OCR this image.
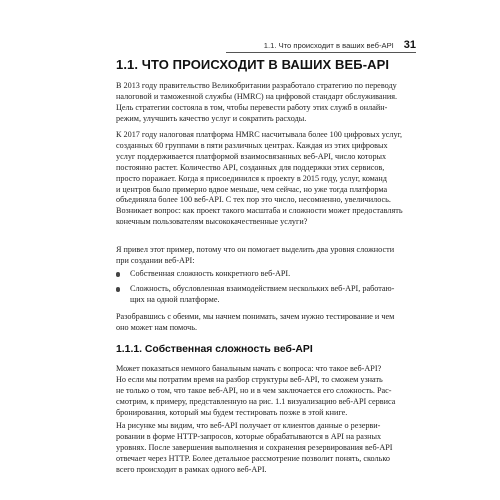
1.1. Что происходит в ваших веб-API 31
1.1. ЧТО ПРОИСХОДИТ В ВАШИХ ВЕБ-API
В 2013 году правительство Великобритании разработало стратегию по переводу
налоговой и таможенной службы (HMRC) на цифровой стандарт обслуживания.
Цель стратегии состояла в том, чтобы перевести работу этих служб в онлайн-
режим, улучшить качество услуг и сократить расходы.
К 2017 году налоговая платформа HMRC насчитывала более 100 цифровых услуг,
созданных 60 группами в пяти различных центрах. Каждая из этих цифровых
услуг поддерживается платформой взаимосвязанных веб-API, число которых
постоянно растет. Количество API, созданных для поддержки этих сервисов,
просто поражает. Когда я присоединился к проекту в 2015 году, услуг, команд
и центров было примерно вдвое меньше, чем сейчас, но уже тогда платформа
объединяла более 100 веб-API. С тех пор это число, несомненно, увеличилось.
Возникает вопрос: как проект такого масштаба и сложности может предоставлять
конечным пользователям высококачественные услуги?
Я привел этот пример, потому что он помогает выделить два уровня сложности
при создании веб-API:
Собственная сложность конкретного веб-API.
Сложность, обусловленная взаимодействием нескольких веб-API, работаю-
щих на одной платформе.
Разобравшись с обеими, мы начнем понимать, зачем нужно тестирование и чем
оно может нам помочь.
1.1.1. Собственная сложность веб-API
Может показаться немного банальным начать с вопроса: что такое веб-API?
Но если мы потратим время на разбор структуры веб-API, то сможем узнать
не только о том, что такое веб-API, но и в чем заключается его сложность. Рас-
смотрим, к примеру, представленную на рис. 1.1 визуализацию веб-API сервиса
бронирования, который мы будем тестировать позже в этой книге.
На рисунке мы видим, что веб-API получает от клиентов данные о резерви-
ровании в форме HTTP-запросов, которые обрабатываются в API на разных
уровнях. После завершения выполнения и сохранения резервирования веб-API
отвечает через HTTP. Более детальное рассмотрение позволит понять, сколько
всего происходит в рамках одного веб-API.
